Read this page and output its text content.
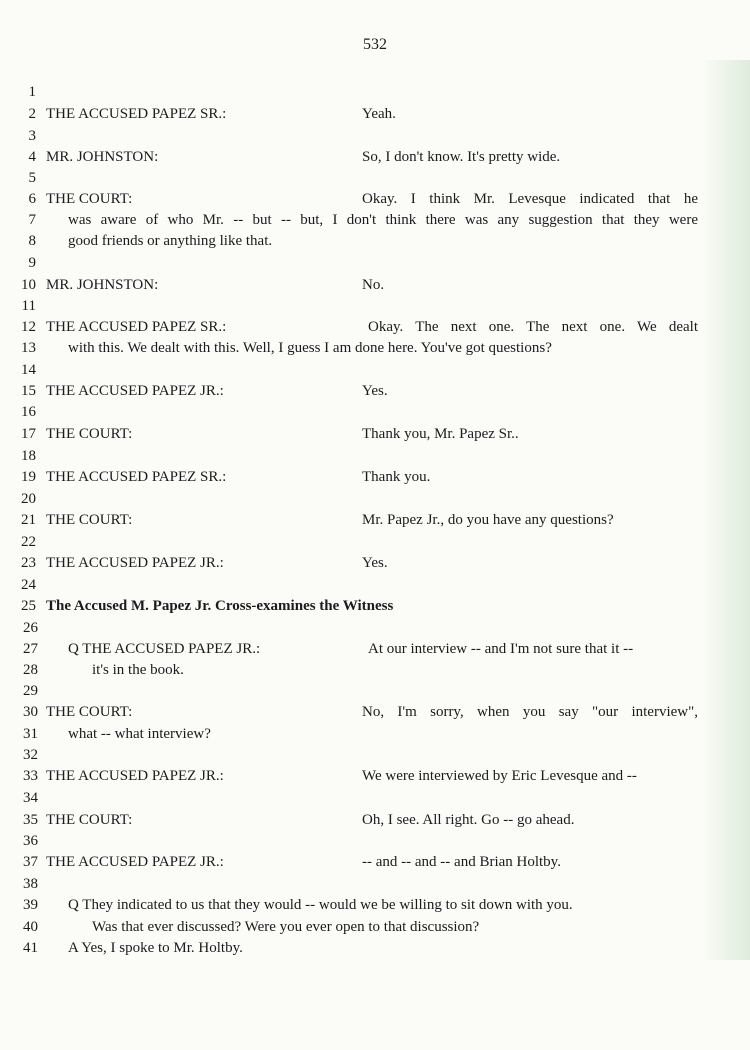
532
1
2 THE ACCUSED PAPEZ SR.:	Yeah.
3
4 MR. JOHNSTON:	So, I don't know. It's pretty wide.
5
6 THE COURT:	Okay. I think Mr. Levesque indicated that he
7 was aware of who Mr. -- but -- but, I don't think there was any suggestion that they were
8 good friends or anything like that.
9
10 MR. JOHNSTON:	No.
11
12 THE ACCUSED PAPEZ SR.:	Okay. The next one. The next one. We dealt
13 with this. We dealt with this. Well, I guess I am done here. You've got questions?
14
15 THE ACCUSED PAPEZ JR.:	Yes.
16
17 THE COURT:	Thank you, Mr. Papez Sr..
18
19 THE ACCUSED PAPEZ SR.:	Thank you.
20
21 THE COURT:	Mr. Papez Jr., do you have any questions?
22
23 THE ACCUSED PAPEZ JR.:	Yes.
24
25 The Accused M. Papez Jr. Cross-examines the Witness
26
27 Q THE ACCUSED PAPEZ JR.:	At our interview -- and I'm not sure that it --
28	it's in the book.
29
30 THE COURT:	No, I'm sorry, when you say "our interview",
31 what -- what interview?
32
33 THE ACCUSED PAPEZ JR.:	We were interviewed by Eric Levesque and --
34
35 THE COURT:	Oh, I see. All right. Go -- go ahead.
36
37 THE ACCUSED PAPEZ JR.:	-- and -- and -- and Brian Holtby.
38
39 Q They indicated to us that they would -- would we be willing to sit down with you.
40	Was that ever discussed? Were you ever open to that discussion?
41 A Yes, I spoke to Mr. Holtby.
